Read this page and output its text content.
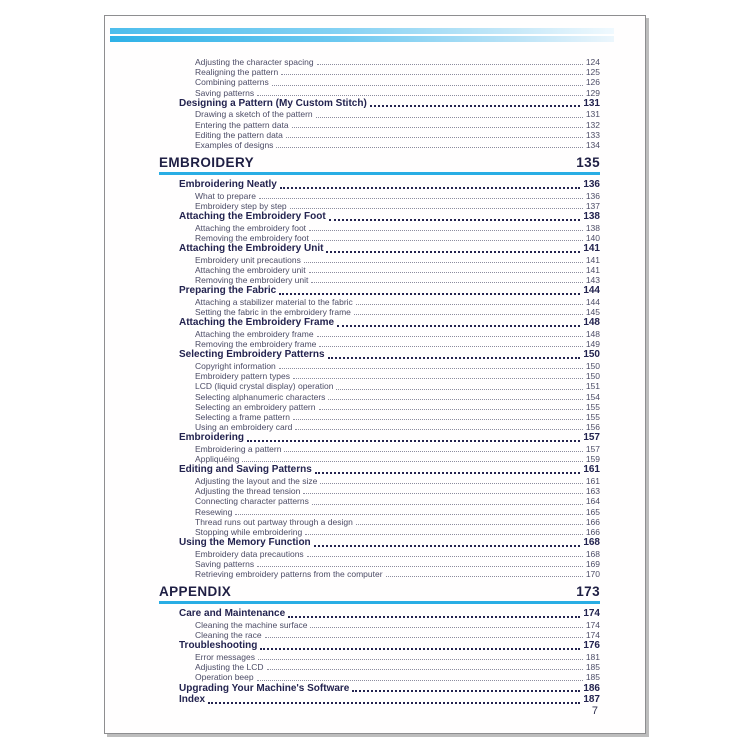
Adjusting the character spacing	124
Realigning the pattern	125
Combining patterns	126
Saving patterns	129
Designing a Pattern (My Custom Stitch)	131
Drawing a sketch of the pattern	131
Entering the pattern data	132
Editing the pattern data	133
Examples of designs	134
EMBROIDERY	135
Embroidering Neatly	136
What to prepare	136
Embroidery step by step	137
Attaching the Embroidery Foot	138
Attaching the embroidery foot	138
Removing the embroidery foot	140
Attaching the Embroidery Unit	141
Embroidery unit precautions	141
Attaching the embroidery unit	141
Removing the embroidery unit	143
Preparing the Fabric	144
Attaching a stabilizer material to the fabric	144
Setting the fabric in the embroidery frame	145
Attaching the Embroidery Frame	148
Attaching the embroidery frame	148
Removing the embroidery frame	149
Selecting Embroidery Patterns	150
Copyright information	150
Embroidery pattern types	150
LCD (liquid crystal display) operation	151
Selecting alphanumeric characters	154
Selecting an embroidery pattern	155
Selecting a frame pattern	155
Using an embroidery card	156
Embroidering	157
Embroidering a pattern	157
Appliquéing	159
Editing and Saving Patterns	161
Adjusting the layout and the size	161
Adjusting the thread tension	163
Connecting character patterns	164
Resewing	165
Thread runs out partway through a design	166
Stopping while embroidering	166
Using the Memory Function	168
Embroidery data precautions	168
Saving patterns	169
Retrieving embroidery patterns from the computer	170
APPENDIX	173
Care and Maintenance	174
Cleaning the machine surface	174
Cleaning the race	174
Troubleshooting	176
Error messages	181
Adjusting the LCD	185
Operation beep	185
Upgrading Your Machine's Software	186
Index	187
7
